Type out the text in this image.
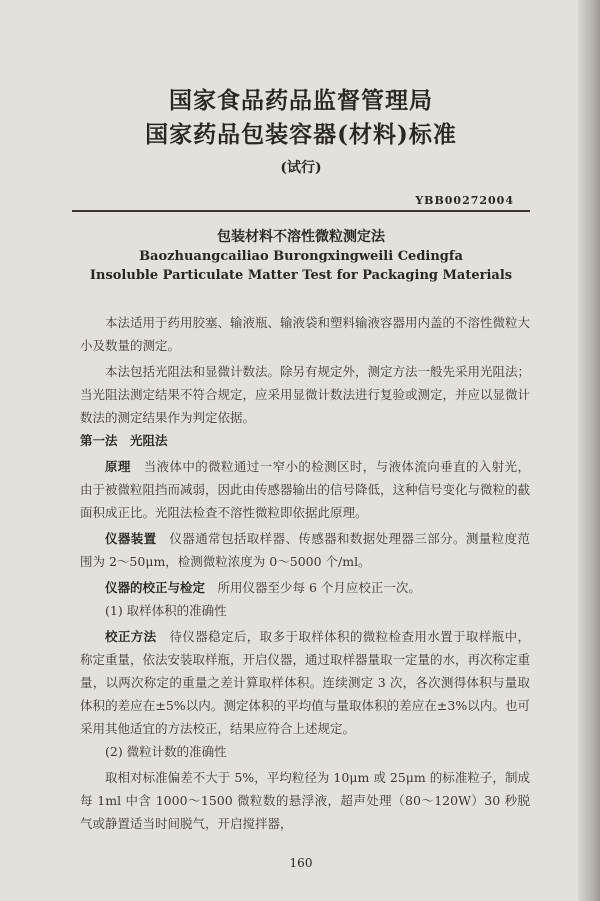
国家食品药品监督管理局
国家药品包装容器(材料)标准
(试行)
YBB00272004
包装材料不溶性微粒测定法
Baozhuangcailiao Burongxingweili Cedingfa
Insoluble Particulate Matter Test for Packaging Materials

本法适用于药用胶塞、输液瓶、输液袋和塑料输液容器用内盖的不溶性微粒大小及数量的测定。

本法包括光阻法和显微计数法。除另有规定外，测定方法一般先采用光阻法；当光阻法测定结果不符合规定，应采用显微计数法进行复验或测定，并应以显微计数法的测定结果作为判定依据。

第一法　光阻法

原理　 当液体中的微粒通过一窄小的检测区时，与液体流向垂直的入射光，由于被微粒阻挡而减弱，因此由传感器输出的信号降低，这种信号变化与微粒的截面积成正比。光阻法检查不溶性微粒即依据此原理。

仪器装置　 仪器通常包括取样器、传感器和数据处理器三部分。测量粒度范围为 2～50μm，检测微粒浓度为 0～5000 个/ml。

仪器的校正与检定　 所用仪器至少每 6 个月应校正一次。

(1) 取样体积的准确性

校正方法　 待仪器稳定后，取多于取样体积的微粒检查用水置于取样瓶中，称定重量，依法安装取样瓶，开启仪器，通过取样器量取一定量的水，再次称定重量，以两次称定的重量之差计算取样体积。连续测定 3 次，各次测得体积与量取体积的差应在±5%以内。测定体积的平均值与量取体积的差应在±3%以内。也可采用其他适宜的方法校正，结果应符合上述规定。

(2) 微粒计数的准确性

取相对标准偏差不大于 5%，平均粒径为 10μm 或 25μm 的标准粒子，制成每 1ml 中含 1000～1500 微粒数的悬浮液，超声处理（80～120W）30 秒脱气或静置适当时间脱气，开启搅拌器，

160
